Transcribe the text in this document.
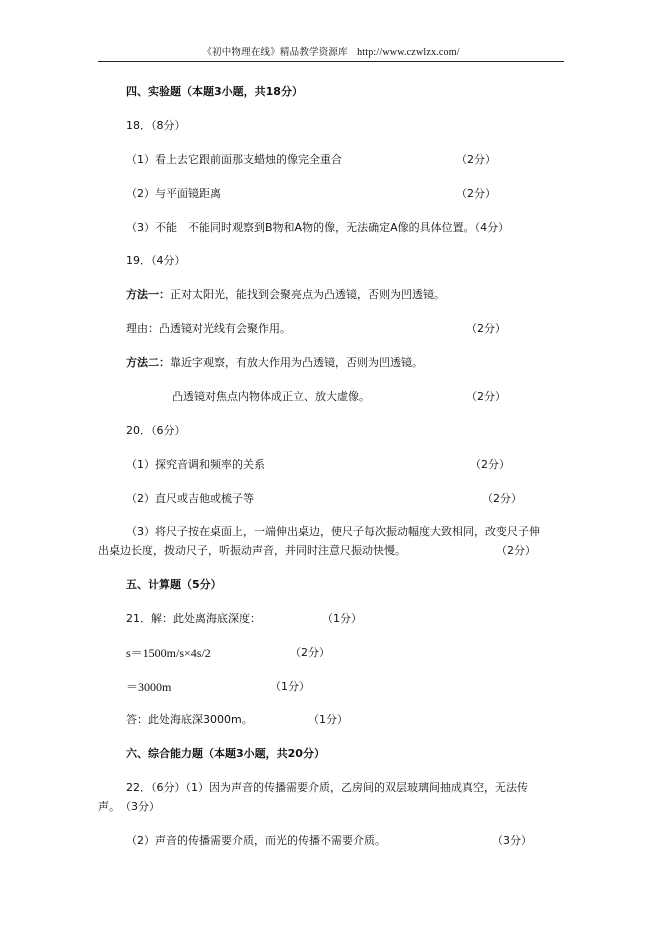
《初中物理在线》精品教学资源库 http://www.czwlzx.com/
四、实验题（本题3小题，共18分）
18．（8分）
（1）看上去它跟前面那支蜡烛的像完全重合	（2分）
（2）与平面镜距离	（2分）
（3）不能　不能同时观察到B物和A物的像，无法确定A像的具体位置。（4分）
19．（4分）
方法一：正对太阳光，能找到会聚亮点为凸透镜，否则为凹透镜。
理由：凸透镜对光线有会聚作用。	（2分）
方法二：靠近字观察，有放大作用为凸透镜，否则为凹透镜。
凸透镜对焦点内物体成正立、放大虚像。	（2分）
20．（6分）
（1）探究音调和频率的关系	（2分）
（2）直尺或吉他或梳子等	（2分）
（3）将尺子按在桌面上，一端伸出桌边，使尺子每次振动幅度大致相同，改变尺子伸
出桌边长度，拨动尺子，听振动声音，并同时注意尺振动快慢。	（2分）
五、计算题（5分）
21．解：此处离海底深度：	（1分）
s＝1500m/s×4s/2	（2分）
＝3000m	（1分）
答：此处海底深3000m。	（1分）
六、综合能力题（本题3小题，共20分）
22．（6分）（1）因为声音的传播需要介质，乙房间的双层玻璃间抽成真空，无法传
声。　（3分）
（2）声音的传播需要介质，而光的传播不需要介质。	（3分）
